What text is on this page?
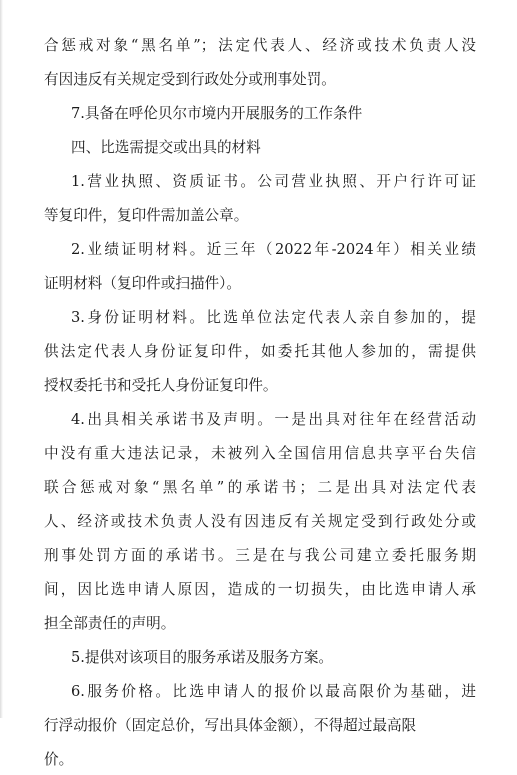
合惩戒对象“黑名单”；法定代表人、经济或技术负责人没
有因违反有关规定受到行政处分或刑事处罚。
7.具备在呼伦贝尔市境内开展服务的工作条件
四、比选需提交或出具的材料
1.营业执照、资质证书。公司营业执照、开户行许可证
等复印件，复印件需加盖公章。
2.业绩证明材料。近三年（2022年-2024年）相关业绩
证明材料（复印件或扫描件）。
3.身份证明材料。比选单位法定代表人亲自参加的，提
供法定代表人身份证复印件，如委托其他人参加的，需提供
授权委托书和受托人身份证复印件。
4.出具相关承诺书及声明。一是出具对往年在经营活动
中没有重大违法记录，未被列入全国信用信息共享平台失信
联合惩戒对象“黑名单”的承诺书；二是出具对法定代表
人、经济或技术负责人没有因违反有关规定受到行政处分或
刑事处罚方面的承诺书。三是在与我公司建立委托服务期
间，因比选申请人原因，造成的一切损失，由比选申请人承
担全部责任的声明。
5.提供对该项目的服务承诺及服务方案。
6.服务价格。比选申请人的报价以最高限价为基础，进
行浮动报价（固定总价，写出具体金额），不得超过最高限
价。
